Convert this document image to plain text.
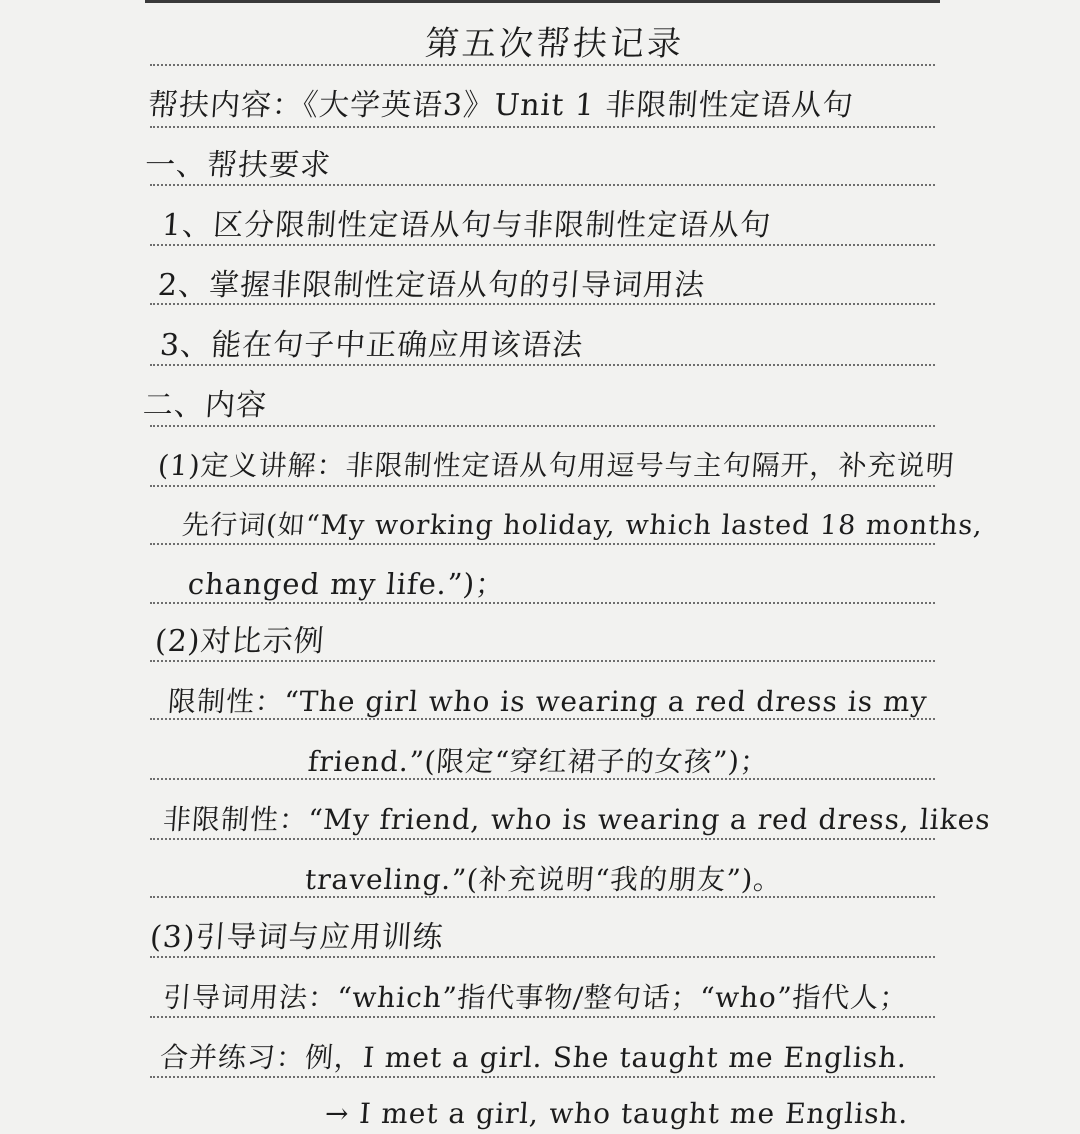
第五次帮扶记录
帮扶内容：《大学英语3》Unit 1 非限制性定语从句
一、帮扶要求
1、区分限制性定语从句与非限制性定语从句
2、掌握非限制性定语从句的引导词用法
3、能在句子中正确应用该语法
二、内容
(1)定义讲解：非限制性定语从句用逗号与主句隔开，补充说明
先行词(如“My working holiday, which lasted 18 months,
changed my life.”)；
(2)对比示例
限制性：“The girl who is wearing a red dress is my
friend.”(限定“穿红裙子的女孩”)；
非限制性：“My friend, who is wearing a red dress, likes
traveling.”(补充说明“我的朋友”)。
(3)引导词与应用训练
引导词用法：“which”指代事物/整句话；“who”指代人；
合并练习：例，I met a girl. She taught me English.
→ I met a girl, who taught me English.
